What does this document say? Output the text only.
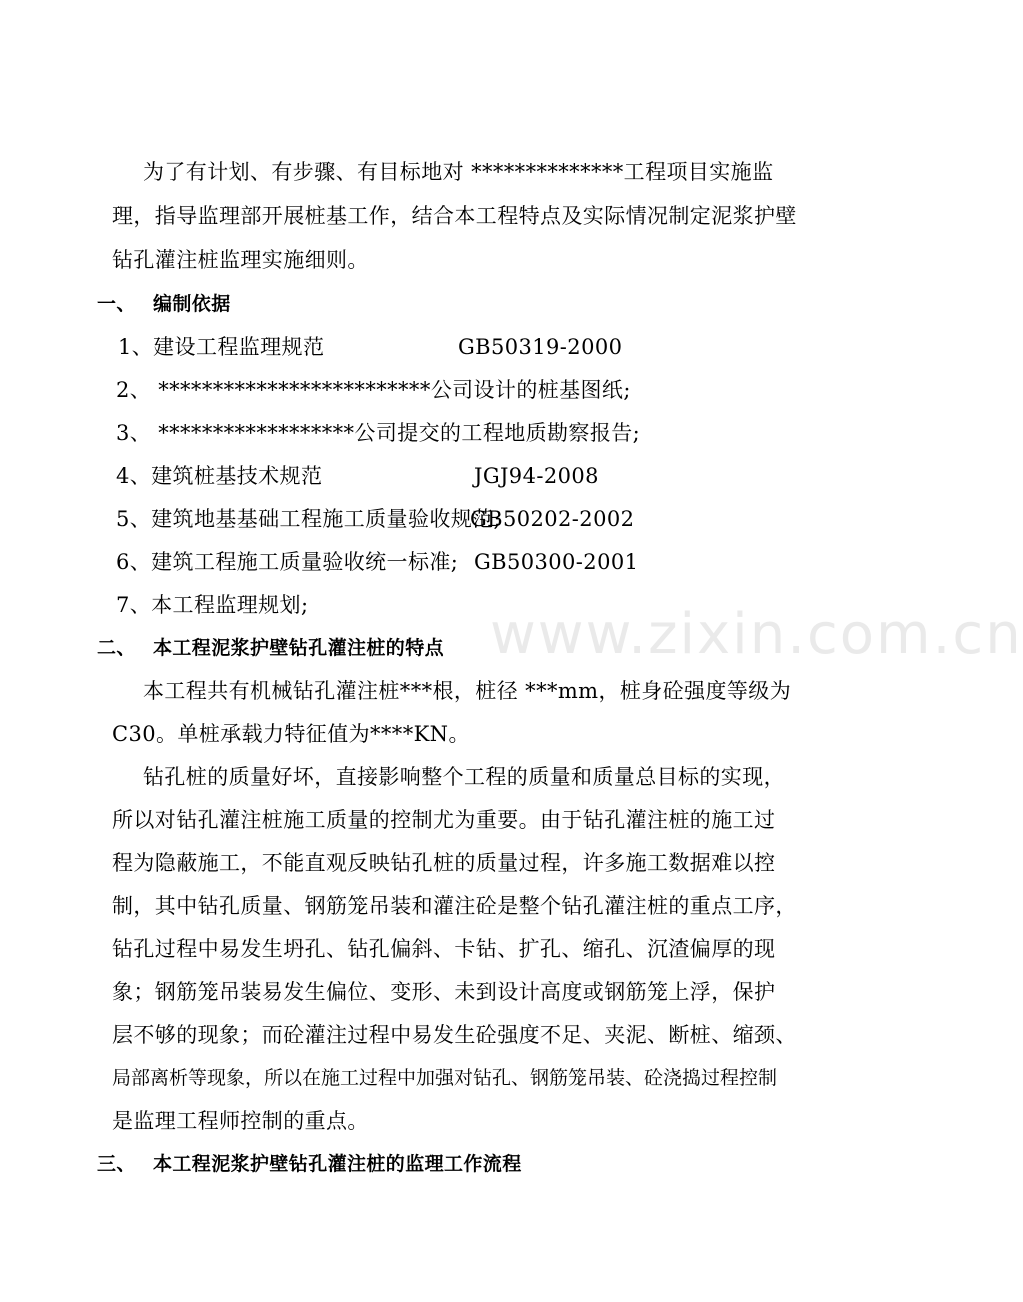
www.zixin.com.cn
为了有计划、有步骤、有目标地对 **************工程项目实施监
理，指导监理部开展桩基工作，结合本工程特点及实际情况制定泥浆护壁
钻孔灌注桩监理实施细则。
一、 编制依据
1、建设工程监理规范	GB50319-2000
2、 *************************公司设计的桩基图纸;
3、 ******************公司提交的工程地质勘察报告;
4、建筑桩基技术规范	JGJ94-2008
5、建筑地基基础工程施工质量验收规范;
GB50202-2002
6、建筑工程施工质量验收统一标准; GB50300-2001
7、本工程监理规划;
二、 本工程泥浆护壁钻孔灌注桩的特点
本工程共有机械钻孔灌注桩***根，桩径 ***mm，桩身砼强度等级为
C30。单桩承载力特征值为****KN。
钻孔桩的质量好坏，直接影响整个工程的质量和质量总目标的实现，
所以对钻孔灌注桩施工质量的控制尤为重要。由于钻孔灌注桩的施工过
程为隐蔽施工，不能直观反映钻孔桩的质量过程，许多施工数据难以控
制，其中钻孔质量、钢筋笼吊装和灌注砼是整个钻孔灌注桩的重点工序，
钻孔过程中易发生坍孔、钻孔偏斜、卡钻、扩孔、缩孔、沉渣偏厚的现
象；钢筋笼吊装易发生偏位、变形、未到设计高度或钢筋笼上浮，保护
层不够的现象；而砼灌注过程中易发生砼强度不足、夹泥、断桩、缩颈、
局部离析等现象，所以在施工过程中加强对钻孔、钢筋笼吊装、砼浇捣过程控制
是监理工程师控制的重点。
三、 本工程泥浆护壁钻孔灌注桩的监理工作流程
